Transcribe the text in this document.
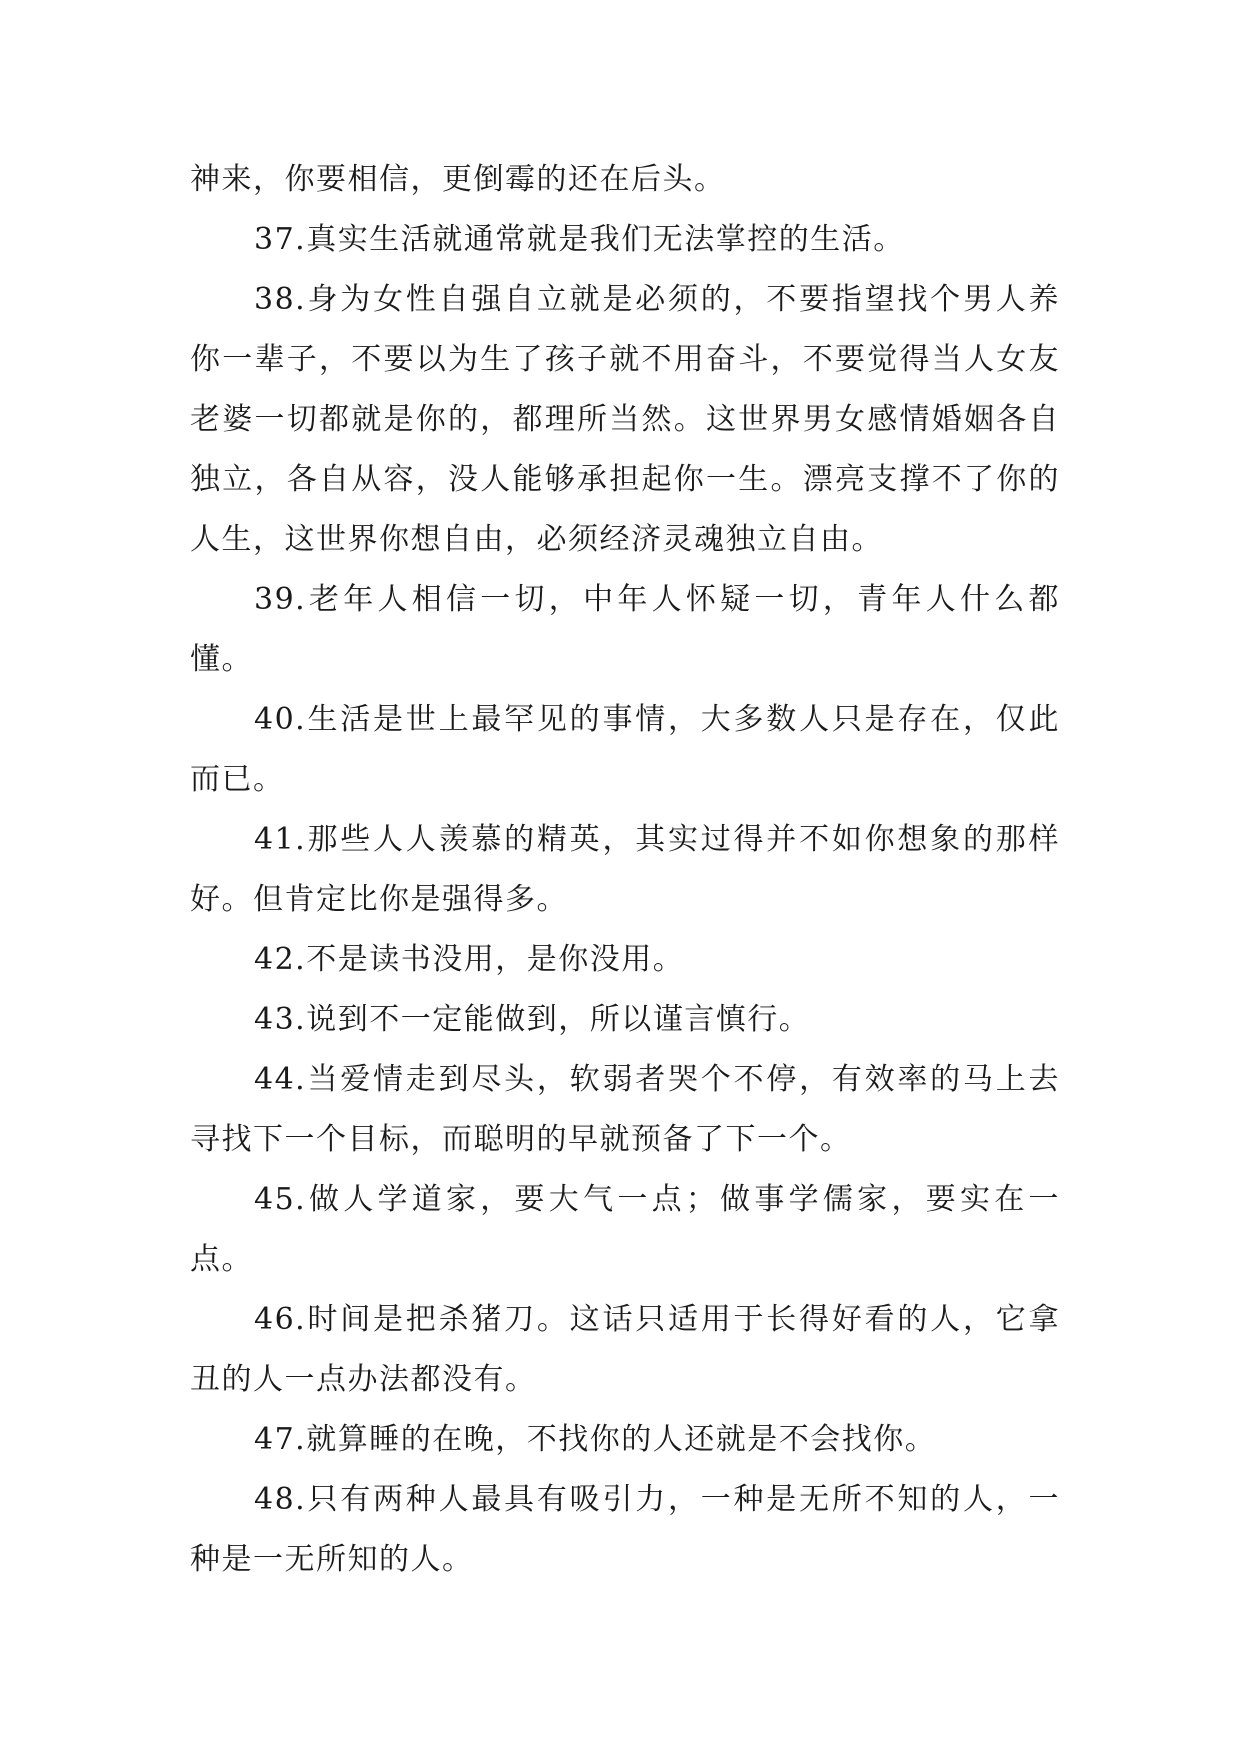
神来，你要相信，更倒霉的还在后头。

37.真实生活就通常就是我们无法掌控的生活。

38.身为女性自强自立就是必须的，不要指望找个男人养你一辈子，不要以为生了孩子就不用奋斗，不要觉得当人女友老婆一切都就是你的，都理所当然。这世界男女感情婚姻各自独立，各自从容，没人能够承担起你一生。漂亮支撑不了你的人生，这世界你想自由，必须经济灵魂独立自由。

39.老年人相信一切，中年人怀疑一切，青年人什么都懂。

40.生活是世上最罕见的事情，大多数人只是存在，仅此而已。

41.那些人人羡慕的精英，其实过得并不如你想象的那样好。但肯定比你是强得多。

42.不是读书没用，是你没用。

43.说到不一定能做到，所以谨言慎行。

44.当爱情走到尽头，软弱者哭个不停，有效率的马上去寻找下一个目标，而聪明的早就预备了下一个。

45.做人学道家，要大气一点；做事学儒家，要实在一点。

46.时间是把杀猪刀。这话只适用于长得好看的人，它拿丑的人一点办法都没有。

47.就算睡的在晚，不找你的人还就是不会找你。

48.只有两种人最具有吸引力，一种是无所不知的人，一种是一无所知的人。
